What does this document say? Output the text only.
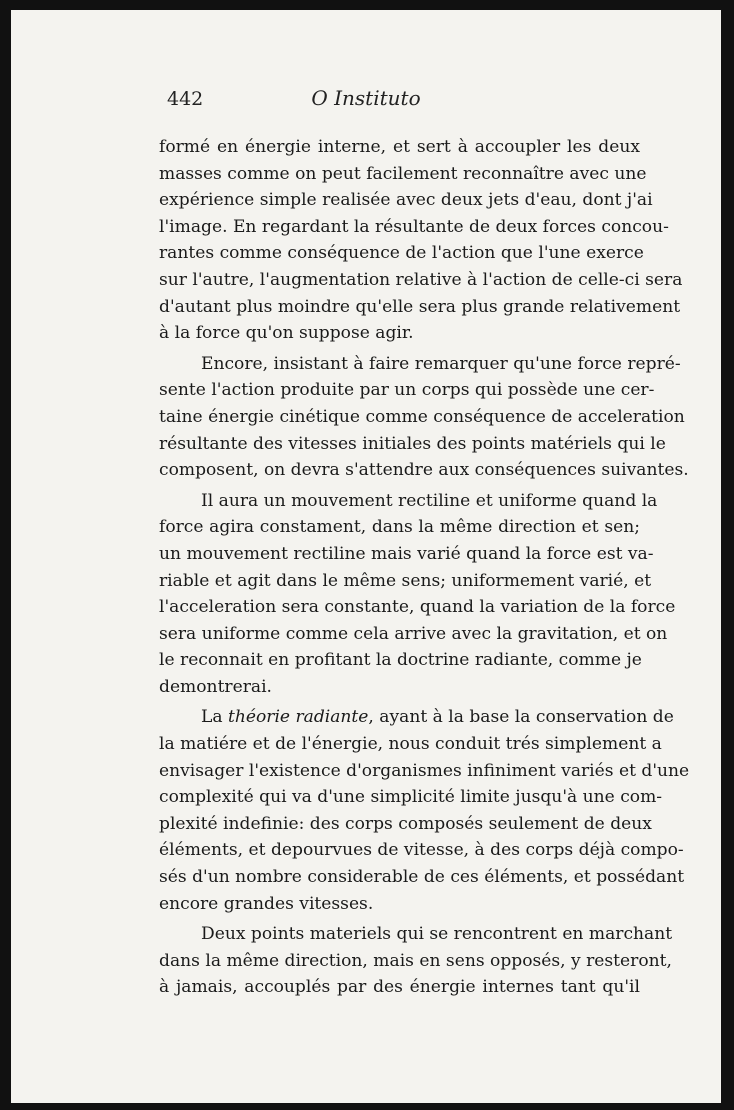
442	O Instituto
formé en énergie interne, et sert à accoupler les deux
masses comme on peut facilement reconnaître avec une
expérience simple realisée avec deux jets d'eau, dont j'ai
l'image. En regardant la résultante de deux forces concou-
rantes comme conséquence de l'action que l'une exerce
sur l'autre, l'augmentation relative à l'action de celle-ci sera
d'autant plus moindre qu'elle sera plus grande relativement
à la force qu'on suppose agir.
Encore, insistant à faire remarquer qu'une force repré-
sente l'action produite par un corps qui possède une cer-
taine énergie cinétique comme conséquence de acceleration
résultante des vitesses initiales des points matériels qui le
composent, on devra s'attendre aux conséquences suivantes.
Il aura un mouvement rectiline et uniforme quand la
force agira constament, dans la même direction et sen;
un mouvement rectiline mais varié quand la force est va-
riable et agit dans le même sens; uniformement varié, et
l'acceleration sera constante, quand la variation de la force
sera uniforme comme cela arrive avec la gravitation, et on
le reconnait en profitant la doctrine radiante, comme je
demontrerai.
La théorie radiante, ayant à la base la conservation de
la matiére et de l'énergie, nous conduit trés simplement a
envisager l'existence d'organismes infiniment variés et d'une
complexité qui va d'une simplicité limite jusqu'à une com-
plexité indefinie: des corps composés seulement de deux
éléments, et depourvues de vitesse, à des corps déjà compo-
sés d'un nombre considerable de ces éléments, et possédant
encore grandes vitesses.
Deux points materiels qui se rencontrent en marchant
dans la même direction, mais en sens opposés, y resteront,
à jamais, accouplés par des énergie internes tant qu'il
